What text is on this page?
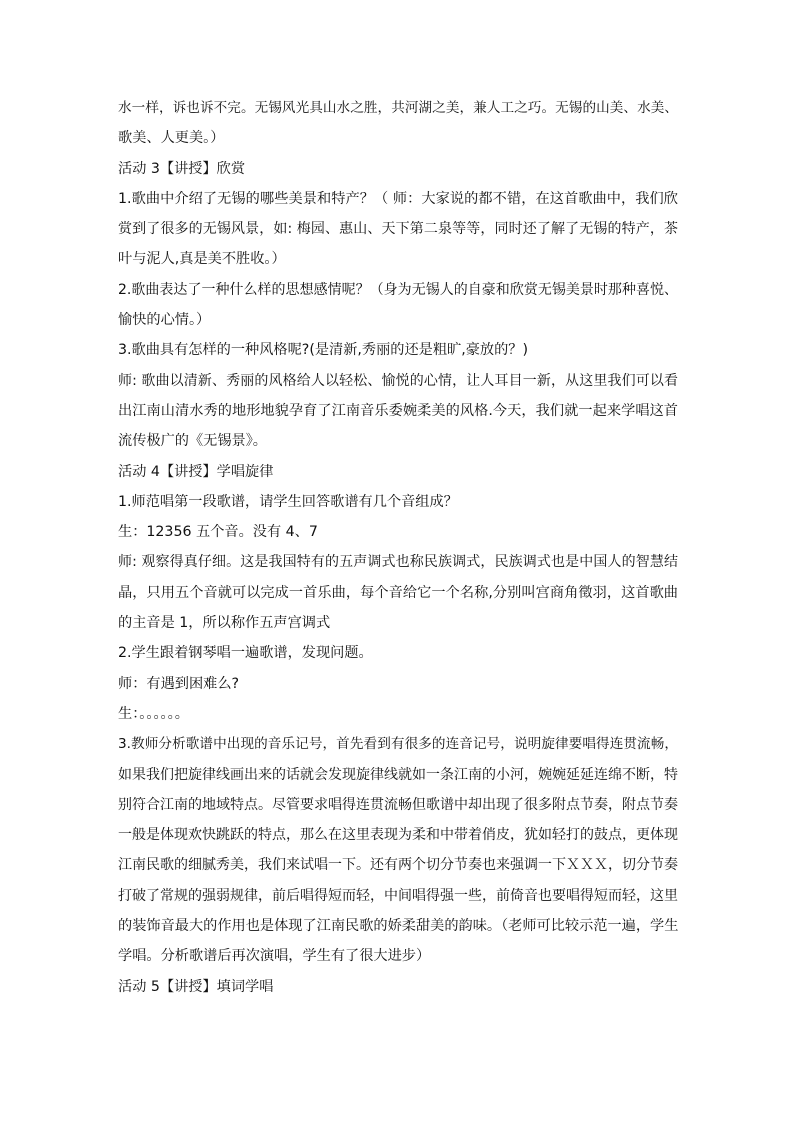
水一样，诉也诉不完。无锡风光具山水之胜，共河湖之美，兼人工之巧。无锡的山美、水美、

歌美、人更美。）

活动 3【讲授】欣赏

1.歌曲中介绍了无锡的哪些美景和特产？（ 师：大家说的都不错，在这首歌曲中，我们欣

赏到了很多的无锡风景，如: 梅园、惠山、天下第二泉等等，同时还了解了无锡的特产，茶

叶与泥人,真是美不胜收。）

2.歌曲表达了一种什么样的思想感情呢？（身为无锡人的自豪和欣赏无锡美景时那种喜悦、

愉快的心情。）

3.歌曲具有怎样的一种风格呢?(是清新,秀丽的还是粗旷,豪放的？)

师: 歌曲以清新、秀丽的风格给人以轻松、愉悦的心情，让人耳目一新，从这里我们可以看

出江南山清水秀的地形地貌孕育了江南音乐委婉柔美的风格.今天，我们就一起来学唱这首

流传极广的《无锡景》。

活动 4【讲授】学唱旋律

1.师范唱第一段歌谱，请学生回答歌谱有几个音组成？

生：12356 五个音。没有 4、7

师: 观察得真仔细。这是我国特有的五声调式也称民族调式，民族调式也是中国人的智慧结

晶，只用五个音就可以完成一首乐曲，每个音给它一个名称,分别叫宫商角徵羽，这首歌曲

的主音是 1，所以称作五声宫调式

2.学生跟着钢琴唱一遍歌谱，发现问题。

师：有遇到困难么?

生：。。。。。。

3.教师分析歌谱中出现的音乐记号，首先看到有很多的连音记号，说明旋律要唱得连贯流畅，

如果我们把旋律线画出来的话就会发现旋律线就如一条江南的小河，婉婉延延连绵不断，特

别符合江南的地域特点。尽管要求唱得连贯流畅但歌谱中却出现了很多附点节奏，附点节奏

一般是体现欢快跳跃的特点，那么在这里表现为柔和中带着俏皮，犹如轻打的鼓点，更体现

江南民歌的细腻秀美，我们来试唱一下。还有两个切分节奏也来强调一下ＸＸＸ，切分节奏

打破了常规的强弱规律，前后唱得短而轻，中间唱得强一些，前倚音也要唱得短而轻，这里

的装饰音最大的作用也是体现了江南民歌的娇柔甜美的韵味。（老师可比较示范一遍，学生

学唱。分析歌谱后再次演唱，学生有了很大进步）

活动 5【讲授】填词学唱
